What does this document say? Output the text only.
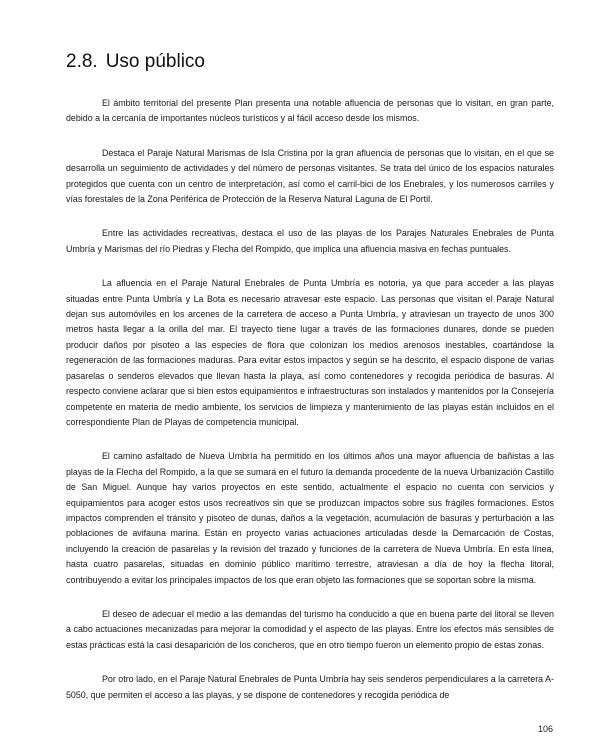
2.8. Uso público

El ámbito territorial del presente Plan presenta una notable afluencia de personas que lo visitan, en gran parte, debido a la cercanía de importantes núcleos turísticos y al fácil acceso desde los mismos.

Destaca el Paraje Natural Marismas de Isla Cristina por la gran afluencia de personas que lo visitan, en el que se desarrolla un seguimiento de actividades y del número de personas visitantes. Se trata del único de los espacios naturales protegidos que cuenta con un centro de interpretación, así como el carril-bici de los Enebrales, y los numerosos carriles y vías forestales de la Zona Periférica de Protección de la Reserva Natural Laguna de El Portil.

Entre las actividades recreativas, destaca el uso de las playas de los Parajes Naturales Enebrales de Punta Umbría y Marismas del río Piedras y Flecha del Rompido, que implica una afluencia masiva en fechas puntuales.

La afluencia en el Paraje Natural Enebrales de Punta Umbría es notoria, ya que para acceder a las playas situadas entre Punta Umbría y La Bota es necesario atravesar este espacio. Las personas que visitan el Paraje Natural dejan sus automóviles en los arcenes de la carretera de acceso a Punta Umbría, y atraviesan un trayecto de unos 300 metros hasta llegar a la orilla del mar. El trayecto tiene lugar a través de las formaciones dunares, donde se pueden producir daños por pisoteo a las especies de flora que colonizan los medios arenosos inestables, coartándose la regeneración de las formaciones maduras. Para evitar estos impactos y según se ha descrito, el espacio dispone de varias pasarelas o senderos elevados que llevan hasta la playa, así como contenedores y recogida periódica de basuras. Al respecto conviene aclarar que si bien estos equipamientos e infraestructuras son instalados y mantenidos por la Consejería competente en materia de medio ambiente, los servicios de limpieza y mantenimiento de las playas están incluidos en el correspondiente Plan de Playas de competencia municipal.

El camino asfaltado de Nueva Umbría ha permitido en los últimos años una mayor afluencia de bañistas a las playas de la Flecha del Rompido, a la que se sumará en el futuro la demanda procedente de la nueva Urbanización Castillo de San Miguel. Aunque hay varios proyectos en este sentido, actualmente el espacio no cuenta con servicios y equipamientos para acoger estos usos recreativos sin que se produzcan impactos sobre sus frágiles formaciones. Estos impactos comprenden el tránsito y pisoteo de dunas, daños a la vegetación, acumulación de basuras y perturbación a las poblaciones de avifauna marina. Están en proyecto varias actuaciones articuladas desde la Demarcación de Costas, incluyendo la creación de pasarelas y la revisión del trazado y funciones de la carretera de Nueva Umbría. En esta línea, hasta cuatro pasarelas, situadas en dominio público marítimo terrestre, atraviesan a día de hoy la flecha litoral, contribuyendo a evitar los principales impactos de los que eran objeto las formaciones que se soportan sobre la misma.

El deseo de adecuar el medio a las demandas del turismo ha conducido a que en buena parte del litoral se lleven a cabo actuaciones mecanizadas para mejorar la comodidad y el aspecto de las playas. Entre los efectos más sensibles de estas prácticas está la casi desaparición de los concheros, que en otro tiempo fueron un elemento propio de estas zonas.

Por otro lado, en el Paraje Natural Enebrales de Punta Umbría hay seis senderos perpendiculares a la carretera A-5050, que permiten el acceso a las playas, y se dispone de contenedores y recogida periódica de

106
